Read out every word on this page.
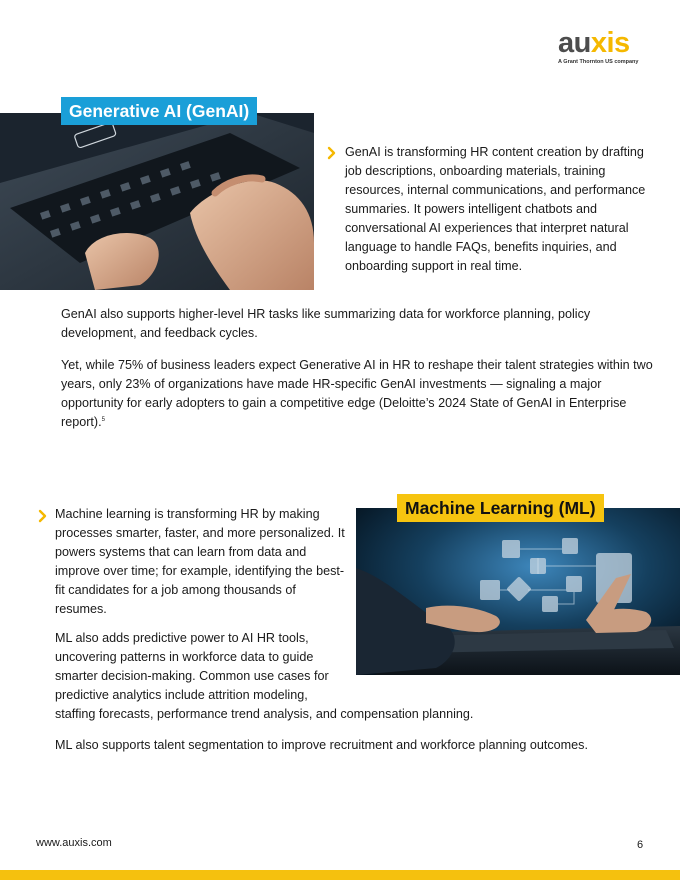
auxis
A Grant Thornton US company
Generative AI (GenAI)

GenAI is transforming HR content creation by drafting job descriptions, onboarding materials, training resources, internal communications, and performance summaries. It powers intelligent chatbots and conversational AI experiences that interpret natural language to handle FAQs, benefits inquiries, and onboarding support in real time.

GenAI also supports higher-level HR tasks like summarizing data for workforce planning, policy development, and feedback cycles.

Yet, while 75% of business leaders expect Generative AI in HR to reshape their talent strategies within two years, only 23% of organizations have made HR-specific GenAI investments — signaling a major opportunity for early adopters to gain a competitive edge (Deloitte’s 2024 State of GenAI in Enterprise report).$^5$

Machine Learning (ML)

Machine learning is transforming HR by making processes smarter, faster, and more personalized. It powers systems that can learn from data and improve over time; for example, identifying the best-fit candidates for a job among thousands of resumes.

ML also adds predictive power to AI HR tools, uncovering patterns in workforce data to guide smarter decision-making. Common use cases for predictive analytics include attrition modeling, staffing forecasts, performance trend analysis, and compensation planning.

ML also supports talent segmentation to improve recruitment and workforce planning outcomes.

www.auxis.com	6
